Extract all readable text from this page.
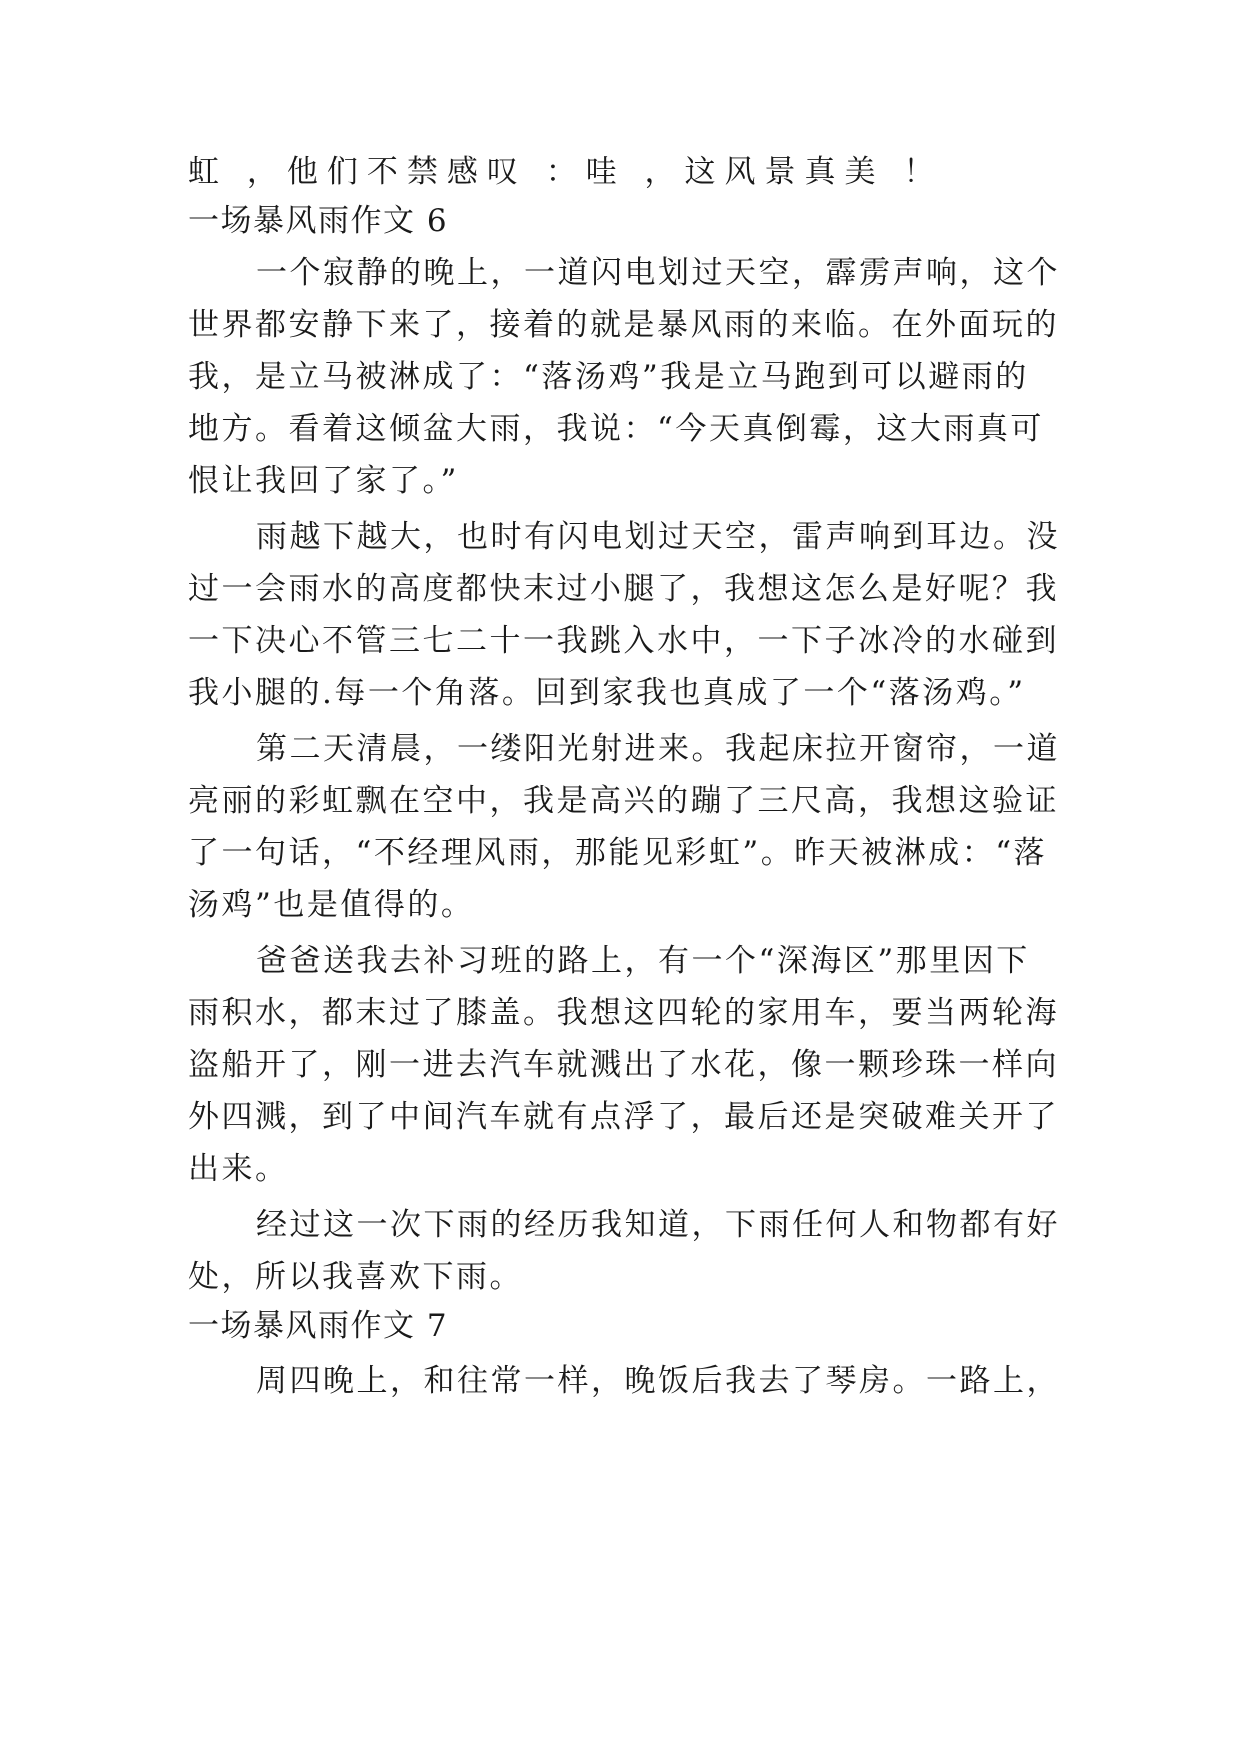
虹 ，他们不禁感叹 ：哇 ，这风景真美 ！
一场暴风雨作文 6
一个寂静的晚上，一道闪电划过天空，霹雳声响，这个
世界都安静下来了，接着的就是暴风雨的来临。在外面玩的
我，是立马被淋成了：“落汤鸡”我是立马跑到可以避雨的
地方。看着这倾盆大雨，我说：“今天真倒霉，这大雨真可
恨让我回了家了。”
雨越下越大，也时有闪电划过天空，雷声响到耳边。没
过一会雨水的高度都快末过小腿了，我想这怎么是好呢？我
一下决心不管三七二十一我跳入水中，一下子冰冷的水碰到
我小腿的.每一个角落。回到家我也真成了一个“落汤鸡。”
第二天清晨，一缕阳光射进来。我起床拉开窗帘，一道
亮丽的彩虹飘在空中，我是高兴的蹦了三尺高，我想这验证
了一句话，“不经理风雨，那能见彩虹”。昨天被淋成：“落
汤鸡”也是值得的。
爸爸送我去补习班的路上，有一个“深海区”那里因下
雨积水，都末过了膝盖。我想这四轮的家用车，要当两轮海
盗船开了，刚一进去汽车就溅出了水花，像一颗珍珠一样向
外四溅，到了中间汽车就有点浮了，最后还是突破难关开了
出来。
经过这一次下雨的经历我知道，下雨任何人和物都有好
处，所以我喜欢下雨。
一场暴风雨作文 7
周四晚上，和往常一样，晚饭后我去了琴房。一路上，
